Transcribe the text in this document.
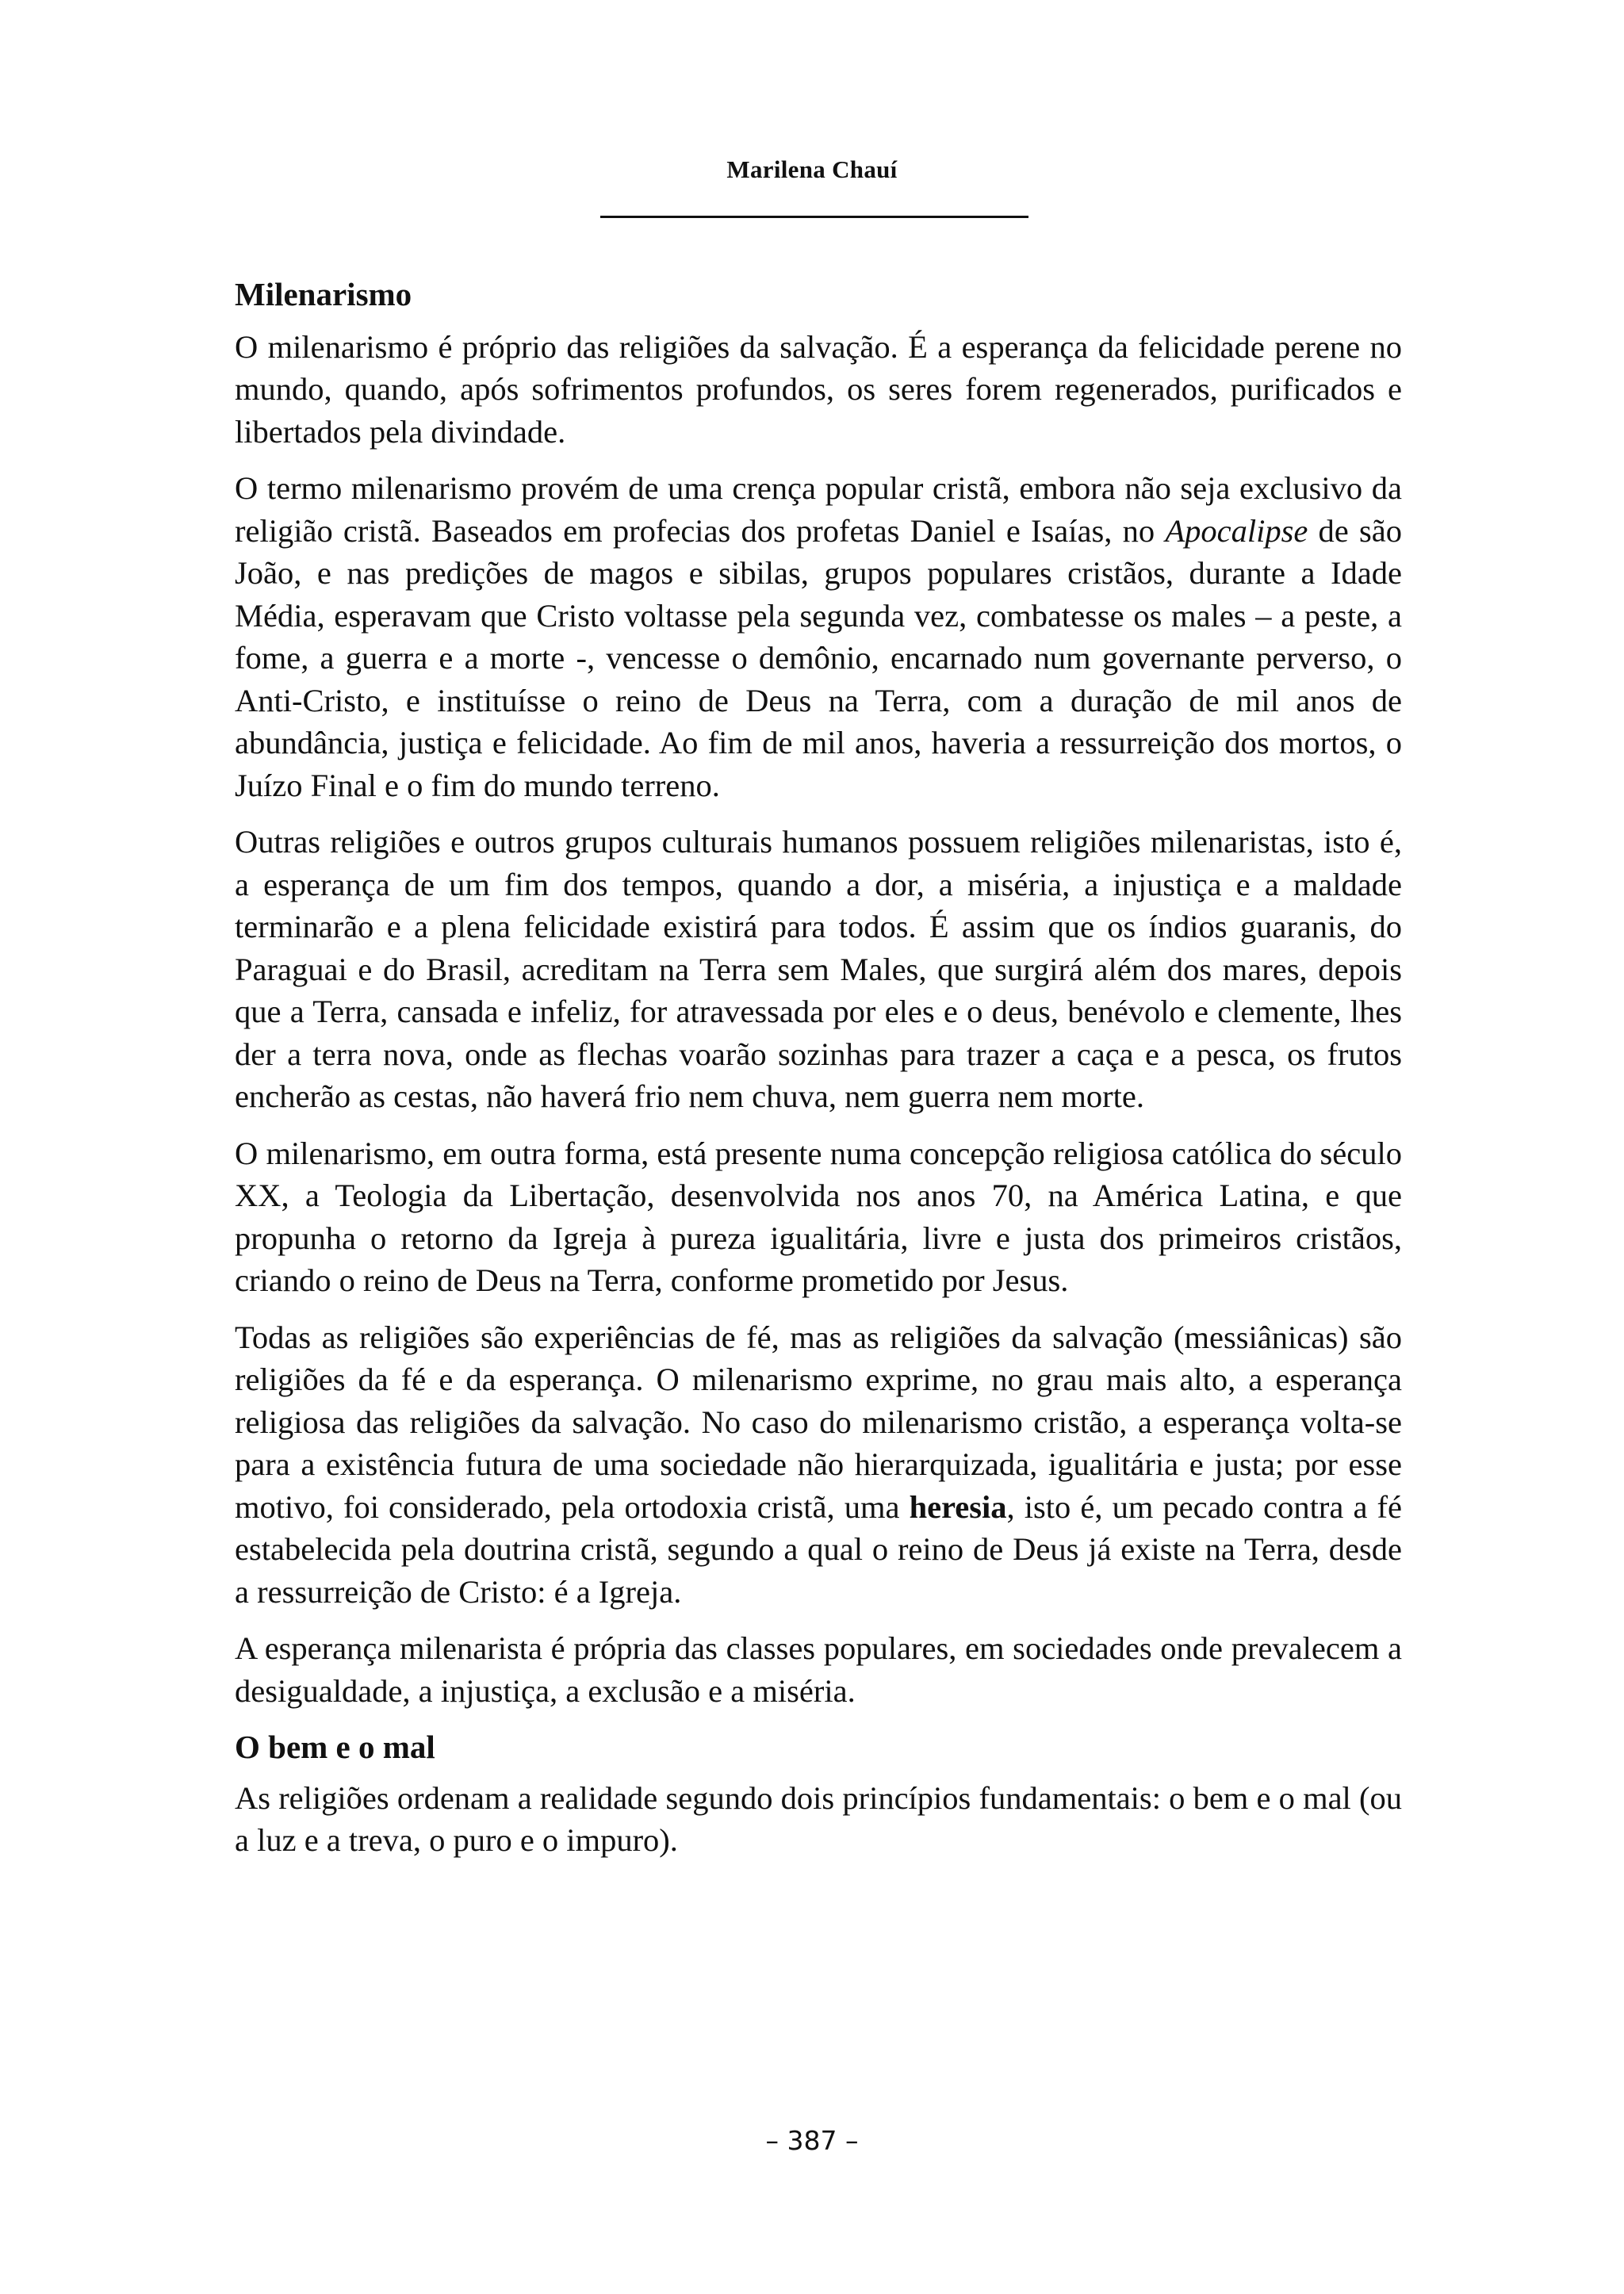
Marilena Chauí
Milenarismo

O milenarismo é próprio das religiões da salvação. É a esperança da felicidade perene no mundo, quando, após sofrimentos profundos, os seres forem regenerados, purificados e libertados pela divindade.

O termo milenarismo provém de uma crença popular cristã, embora não seja exclusivo da religião cristã. Baseados em profecias dos profetas Daniel e Isaías, no Apocalipse de são João, e nas predições de magos e sibilas, grupos populares cristãos, durante a Idade Média, esperavam que Cristo voltasse pela segunda vez, combatesse os males – a peste, a fome, a guerra e a morte -, vencesse o demônio, encarnado num governante perverso, o Anti-Cristo, e instituísse o reino de Deus na Terra, com a duração de mil anos de abundância, justiça e felicidade. Ao fim de mil anos, haveria a ressurreição dos mortos, o Juízo Final e o fim do mundo terreno.

Outras religiões e outros grupos culturais humanos possuem religiões milenaristas, isto é, a esperança de um fim dos tempos, quando a dor, a miséria, a injustiça e a maldade terminarão e a plena felicidade existirá para todos. É assim que os índios guaranis, do Paraguai e do Brasil, acreditam na Terra sem Males, que surgirá além dos mares, depois que a Terra, cansada e infeliz, for atravessada por eles e o deus, benévolo e clemente, lhes der a terra nova, onde as flechas voarão sozinhas para trazer a caça e a pesca, os frutos encherão as cestas, não haverá frio nem chuva, nem guerra nem morte.

O milenarismo, em outra forma, está presente numa concepção religiosa católica do século XX, a Teologia da Libertação, desenvolvida nos anos 70, na América Latina, e que propunha o retorno da Igreja à pureza igualitária, livre e justa dos primeiros cristãos, criando o reino de Deus na Terra, conforme prometido por Jesus.

Todas as religiões são experiências de fé, mas as religiões da salvação (messiânicas) são religiões da fé e da esperança. O milenarismo exprime, no grau mais alto, a esperança religiosa das religiões da salvação. No caso do milenarismo cristão, a esperança volta-se para a existência futura de uma sociedade não hierarquizada, igualitária e justa; por esse motivo, foi considerado, pela ortodoxia cristã, uma heresia, isto é, um pecado contra a fé estabelecida pela doutrina cristã, segundo a qual o reino de Deus já existe na Terra, desde a ressurreição de Cristo: é a Igreja.

A esperança milenarista é própria das classes populares, em sociedades onde prevalecem a desigualdade, a injustiça, a exclusão e a miséria.

O bem e o mal

As religiões ordenam a realidade segundo dois princípios fundamentais: o bem e o mal (ou a luz e a treva, o puro e o impuro).

– 387 –
